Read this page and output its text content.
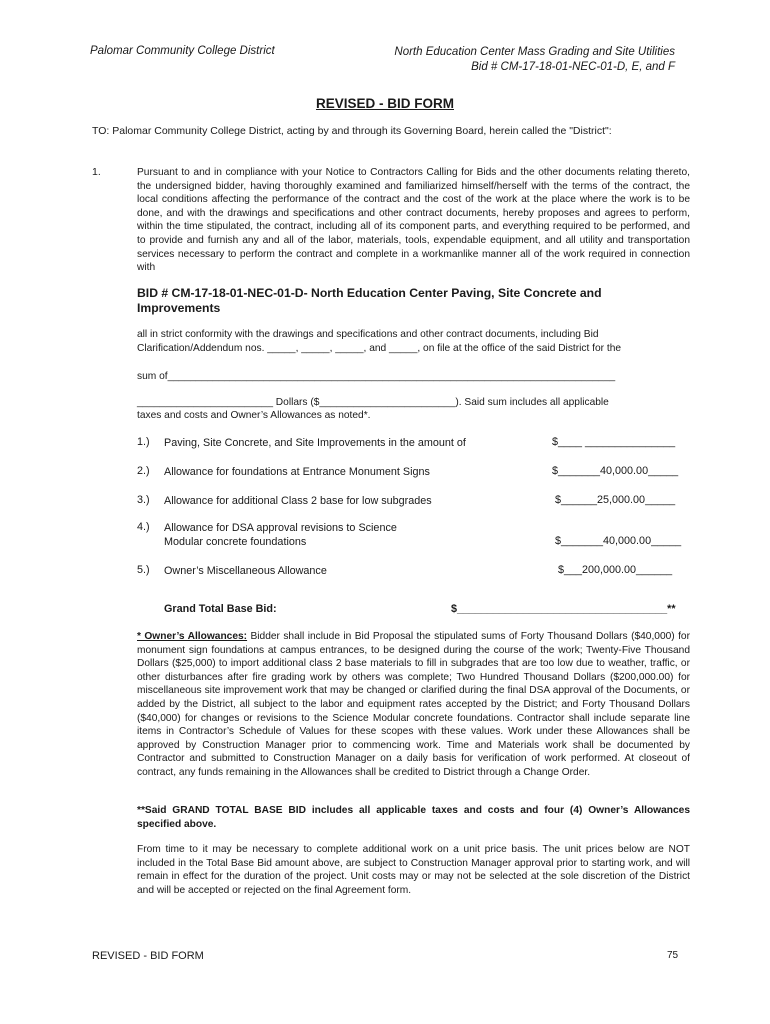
Palomar Community College District	North Education Center Mass Grading and Site Utilities
Bid # CM-17-18-01-NEC-01-D, E, and F
REVISED - BID FORM
TO: Palomar Community College District, acting by and through its Governing Board, herein called the "District":
1.	Pursuant to and in compliance with your Notice to Contractors Calling for Bids and the other documents relating thereto, the undersigned bidder, having thoroughly examined and familiarized himself/herself with the terms of the contract, the local conditions affecting the performance of the contract and the cost of the work at the place where the work is to be done, and with the drawings and specifications and other contract documents, hereby proposes and agrees to perform, within the time stipulated, the contract, including all of its component parts, and everything required to be performed, and to provide and furnish any and all of the labor, materials, tools, expendable equipment, and all utility and transportation services necessary to perform the contract and complete in a workmanlike manner all of the work required in connection with

BID # CM-17-18-01-NEC-01-D- North Education Center Paving, Site Concrete and Improvements
all in strict conformity with the drawings and specifications and other contract documents, including Bid
Clarification/Addendum nos. _____, _____, _____, and _____, on file at the office of the said District for the
sum of_______________________________________________________________________________
________________________ Dollars ($________________________). Said sum includes all applicable
taxes and costs and Owner’s Allowances as noted*.
1.) Paving, Site Concrete, and Site Improvements in the amount of	$____ _______________
2.) Allowance for foundations at Entrance Monument Signs	$_______40,000.00_____
3.) Allowance for additional Class 2 base for low subgrades	$______25,000.00_____
4.) Allowance for DSA approval revisions to Science
Modular concrete foundations	$_______40,000.00_____
5.) Owner’s Miscellaneous Allowance	$___200,000.00______
Grand Total Base Bid:	$___________________________________**

* Owner’s Allowances: Bidder shall include in Bid Proposal the stipulated sums of Forty Thousand Dollars ($40,000) for monument sign foundations at campus entrances, to be designed during the course of the work; Twenty-Five Thousand Dollars ($25,000) to import additional class 2 base materials to fill in subgrades that are too low due to weather, traffic, or other disturbances after fire grading work by others was complete; Two Hundred Thousand Dollars ($200,000.00) for miscellaneous site improvement work that may be changed or clarified during the final DSA approval of the Documents, or added by the District, all subject to the labor and equipment rates accepted by the District; and Forty Thousand Dollars ($40,000) for changes or revisions to the Science Modular concrete foundations. Contractor shall include separate line items in Contractor’s Schedule of Values for these scopes with these values. Work under these Allowances shall be approved by Construction Manager prior to commencing work. Time and Materials work shall be documented by Contractor and submitted to Construction Manager on a daily basis for verification of work performed. At closeout of contract, any funds remaining in the Allowances shall be credited to District through a Change Order.

**Said GRAND TOTAL BASE BID includes all applicable taxes and costs and four (4) Owner’s Allowances specified above.

From time to it may be necessary to complete additional work on a unit price basis. The unit prices below are NOT included in the Total Base Bid amount above, are subject to Construction Manager approval prior to starting work, and will remain in effect for the duration of the project. Unit costs may or may not be selected at the sole discretion of the District and will be accepted or rejected on the final Agreement form.

REVISED - BID FORM	75
